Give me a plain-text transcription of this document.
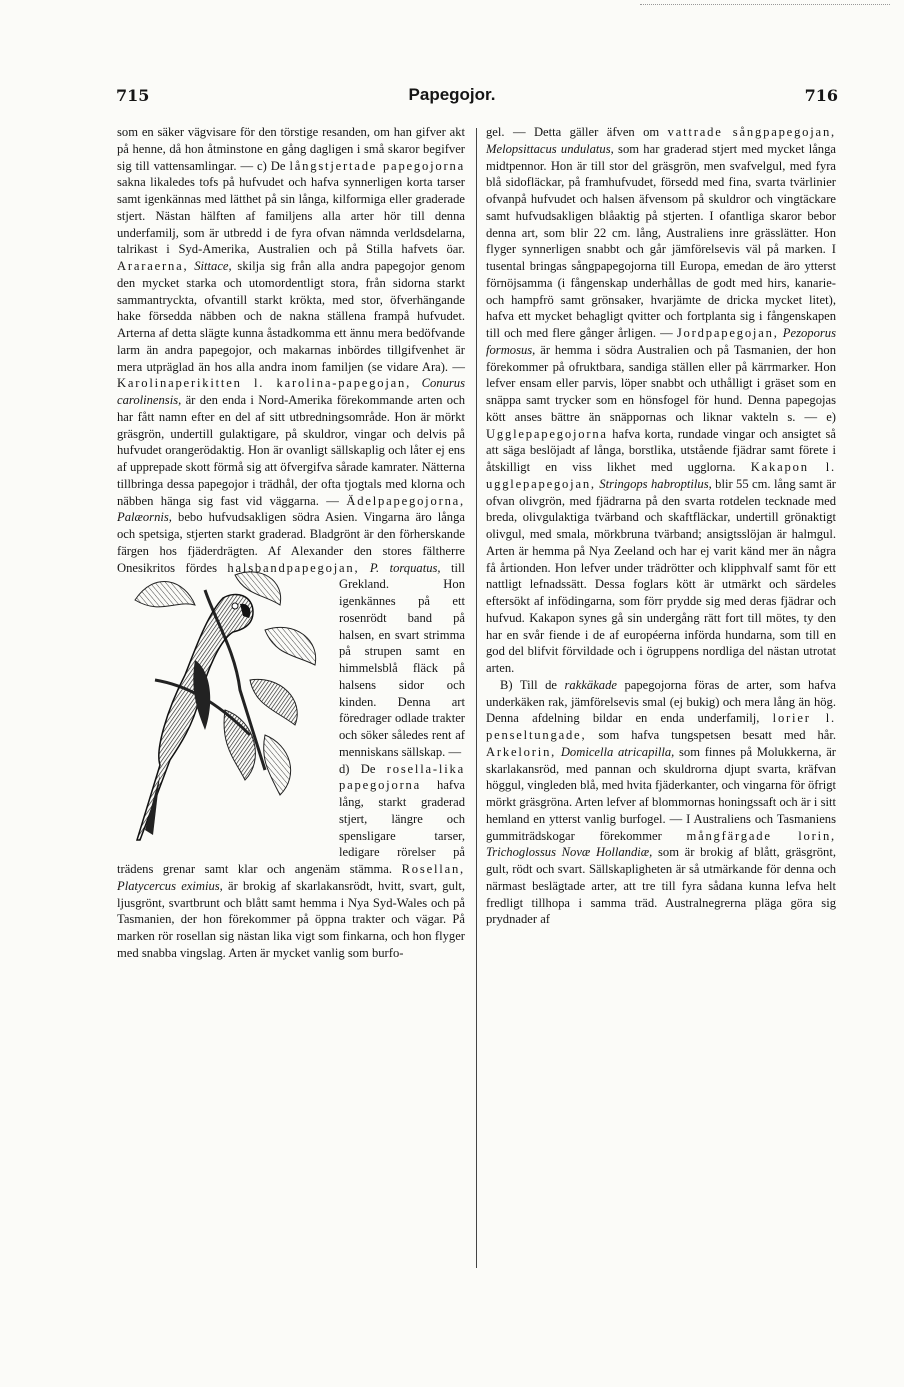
715	Papegojor.	716

som en säker vägvisare för den törstige resanden, om han gifver akt på henne, då hon åtminstone en gång dagligen i små skaror begifver sig till vattensamlingar. — c) De långstjertade papegojorna sakna likaledes tofs på hufvudet och hafva synnerligen korta tarser samt igenkännas med lätthet på sin långa, kilformiga eller graderade stjert. Nästan hälften af familjens alla arter hör till denna underfamilj, som är utbredd i de fyra ofvan nämnda verldsdelarna, talrikast i Syd-Amerika, Australien och på Stilla hafvets öar. Araraerna, Sittace, skilja sig från alla andra papegojor genom den mycket starka och utomordentligt stora, från sidorna starkt sammantryckta, ofvantill starkt krökta, med stor, öfverhängande hake försedda näbben och de nakna ställena frampå hufvudet. Arterna af detta slägte kunna åstadkomma ett ännu mera bedöfvande larm än andra papegojor, och makarnas inbördes tillgifvenhet är mera utpräglad än hos alla andra inom familjen (se vidare Ara). — Karolinaperikitten l. karolina-papegojan, Conurus carolinensis, är den enda i Nord-Amerika förekommande arten och har fått namn efter en del af sitt utbredningsområde. Hon är mörkt gräsgrön, undertill gulaktigare, på skuldror, vingar och delvis på hufvudet orangerödaktig. Hon är ovanligt sällskaplig och låter ej ens af upprepade skott förmå sig att öfvergifva sårade kamrater. Nätterna tillbringa dessa papegojor i trädhål, der ofta tjogtals med klorna och näbben hänga sig fast vid väggarna. — Ädelpapegojorna, Palæornis, bebo hufvudsakligen södra Asien. Vingarna äro långa och spetsiga, stjerten starkt graderad. Bladgrönt är den förherskande färgen hos fjäderdrägten. Af Alexander den stores fältherre Onesikritos fördes
halsbandpapegojan, P. torquatus, till Grekland. Hon igenkännes på ett rosenrödt band på halsen, en svart strimma på strupen samt en himmelsblå fläck på halsens sidor och kinden. Denna art föredrager odlade trakter och söker således rent af menniskans sällskap. —

d) De rosella-lika papegojorna hafva lång, starkt graderad stjert, längre och spensligare tarser, ledigare rörelser på trädens grenar samt klar och angenäm stämma. Rosellan, Platycercus eximius, är brokig af skarlakansrödt, hvitt, svart, gult, ljusgrönt, svartbrunt och blått samt hemma i Nya Syd-Wales och på Tasmanien, der hon förekommer på öppna trakter och vägar. På marken rör rosellan sig nästan lika vigt som finkarna, och hon flyger med snabba vingslag. Arten är mycket vanlig som burfo-

gel. — Detta gäller äfven om vattrade sångpapegojan, Melopsittacus undulatus, som har graderad stjert med mycket långa midtpennor. Hon är till stor del gräsgrön, men svafvelgul, med fyra blå sidofläckar, på framhufvudet, försedd med fina, svarta tvärlinier ofvanpå hufvudet och halsen äfvensom på skuldror och vingtäckare samt hufvudsakligen blåaktig på stjerten. I ofantliga skaror bebor denna art, som blir 22 cm. lång, Australiens inre grässlätter. Hon flyger synnerligen snabbt och går jämförelsevis väl på marken. I tusental bringas sångpapegojorna till Europa, emedan de äro ytterst förnöjsamma (i fångenskap underhållas de godt med hirs, kanarie- och hampfrö samt grönsaker, hvarjämte de dricka mycket litet), hafva ett mycket behagligt qvitter och fortplanta sig i fångenskapen till och med flere gånger årligen. — Jordpapegojan, Pezoporus formosus, är hemma i södra Australien och på Tasmanien, der hon förekommer på ofruktbara, sandiga ställen eller på kärrmarker. Hon lefver ensam eller parvis, löper snabbt och uthålligt i gräset som en snäppa samt trycker som en hönsfogel för hund. Denna papegojas kött anses bättre än snäppornas och liknar vakteln s. — e) Ugglepapegojorna hafva korta, rundade vingar och ansigtet så att säga beslöjadt af långa, borstlika, utstående fjädrar samt förete i åtskilligt en viss likhet med ugglorna. Kakapon l. ugglepapegojan, Stringops habroptilus, blir 55 cm. lång samt är ofvan olivgrön, med fjädrarna på den svarta rotdelen tecknade med breda, olivgulaktiga tvärband och skaftfläckar, undertill grönaktigt olivgul, med smala, mörkbruna tvärband; ansigtsslöjan är halmgul. Arten är hemma på Nya Zeeland och har ej varit känd mer än några få årtionden. Hon lefver under trädrötter och klipphvalf samt för ett nattligt lefnadssätt. Dessa foglars kött är utmärkt och särdeles eftersökt af infödingarna, som förr prydde sig med deras fjädrar och hufvud. Kakapon synes gå sin undergång rätt fort till mötes, ty den har en svår fiende i de af européerna införda hundarna, som till en god del blifvit förvildade och i ögruppens nordliga del nästan utrotat arten.

B) Till de rakkäkade papegojorna föras de arter, som hafva underkäken rak, jämförelsevis smal (ej bukig) och mera lång än hög. Denna afdelning bildar en enda underfamilj, lorier l. penseltungade, som hafva tungspetsen besatt med hår. Arkelorin, Domicella atricapilla, som finnes på Molukkerna, är skarlakansröd, med pannan och skuldrorna djupt svarta, kräfvan höggul, vingleden blå, med hvita fjäderkanter, och vingarna för öfrigt mörkt gräsgröna. Arten lefver af blommornas honingssaft och är i sitt hemland en ytterst vanlig burfogel. — I Australiens och Tasmaniens gummiträdskogar förekommer mångfärgade lorin, Trichoglossus Novæ Hollandiæ, som är brokig af blått, gräsgrönt, gult, rödt och svart. Sällskapligheten är så utmärkande för denna och närmast beslägtade arter, att tre till fyra sådana kunna lefva helt fredligt tillhopa i samma träd. Australnegrerna pläga göra sig prydnader af
